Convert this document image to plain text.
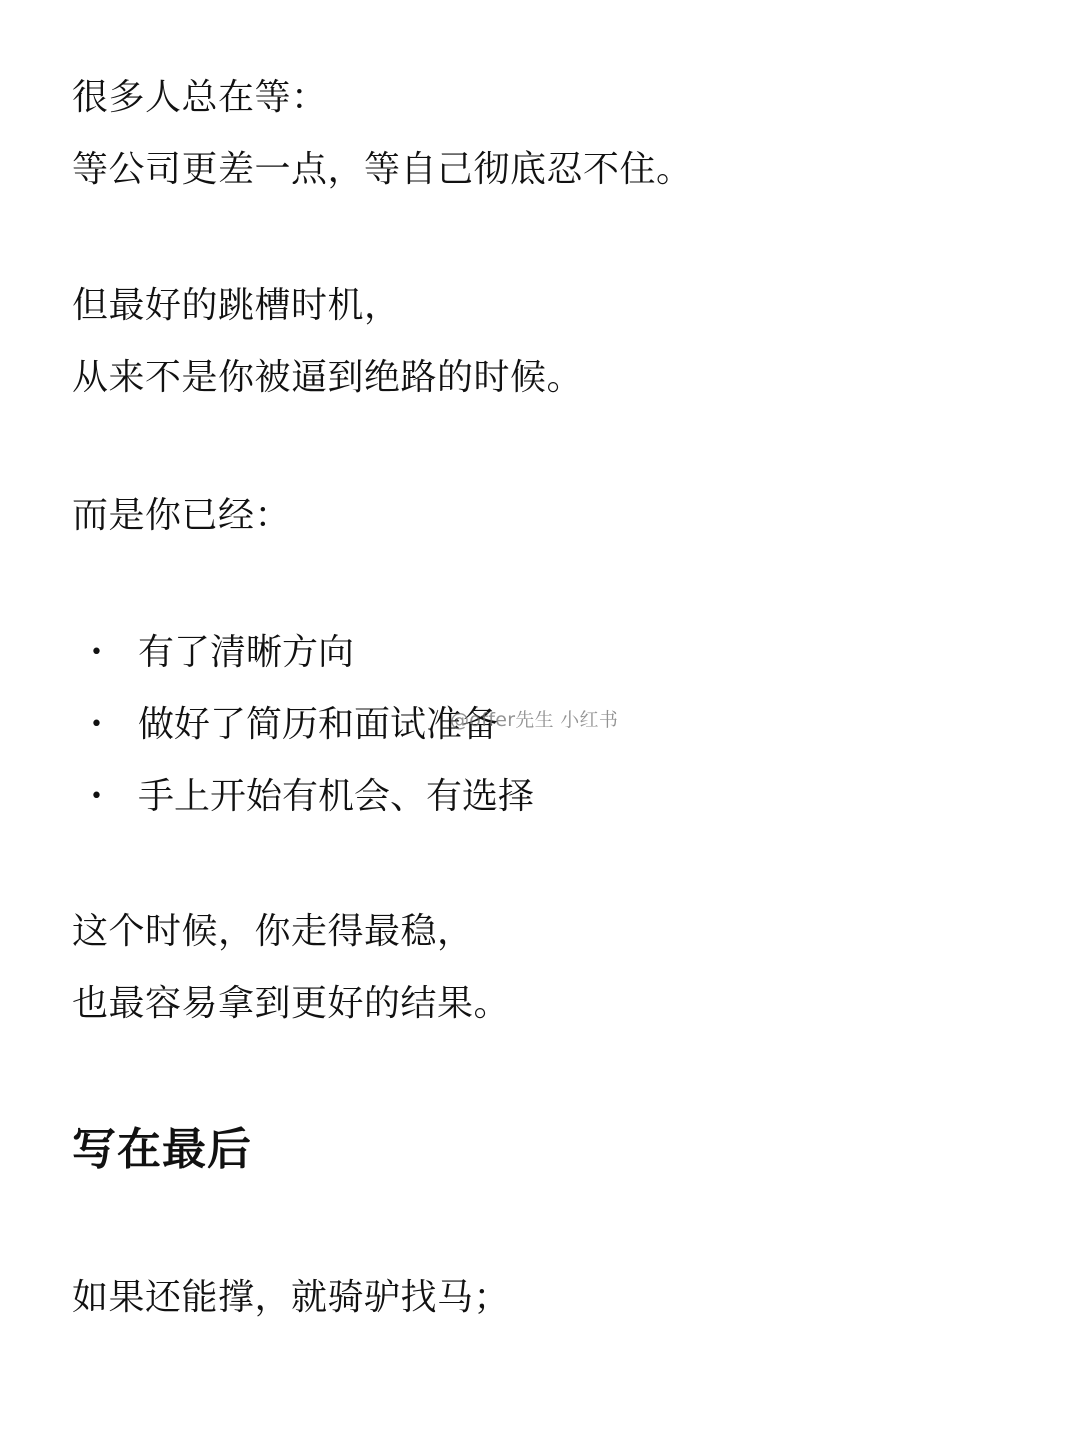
很多人总在等：
等公司更差一点，等自己彻底忍不住。
但最好的跳槽时机，
从来不是你被逼到绝路的时候。
而是你已经：
• 有了清晰方向
• 做好了简历和面试准备
• 手上开始有机会、有选择
这个时候，你走得最稳，
也最容易拿到更好的结果。
写在最后
如果还能撑，就骑驴找马；
@offer先生 小红书
